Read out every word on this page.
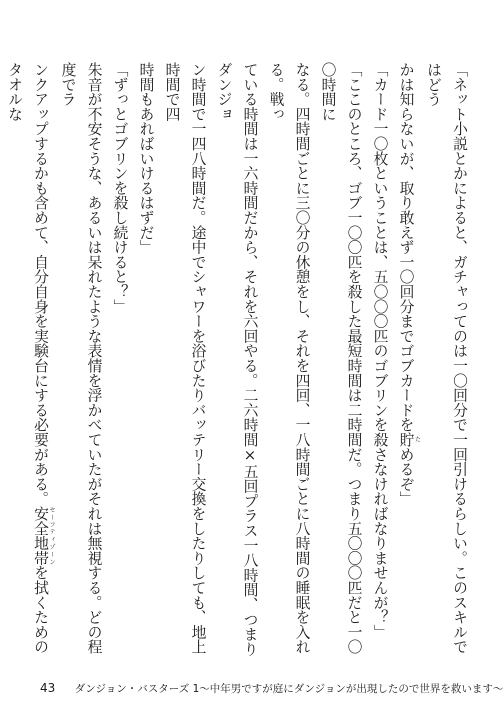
「ネット小説とかによると、ガチャってのは一〇回分で一回引けるらしい。このスキルではどう

かは知らないが、取り敢えず一〇回分までゴブカードを貯 ためるぞ」

「カード一〇枚ということは、五〇〇〇匹のゴブリンを殺さなければなりませんが？」

「ここのところ、ゴブ一〇〇匹を殺した最短時間は二時間だ。つまり五〇〇〇匹だと一〇〇時間に

なる。四時間ごとに三〇分の休憩をし、それを四回、一八時間ごとに八時間の睡眠を入れる。戦っ

ている時間は一六時間だから、それを六回やる。二六時間×五回プラス一八時間、つまりダンジョ

ン時間で一四八時間だ。途中でシャワーを浴びたりバッテリー交換をしたりしても、地上時間で四

時間もあればいけるはずだ」

「ずっとゴブリンを殺し続けると？」

朱音が不安そうな、あるいは呆れたような表情を浮かべていたがそれは無視する。どの程度でラ

ンクアップするかも含めて、自分自身を実験台にする必要がある。安全地帯 セーフティゾーンを拭くためのタオルな

43 ダンジョン・バスターズ 1〜中年男ですが庭にダンジョンが出現したので世界を救います〜
